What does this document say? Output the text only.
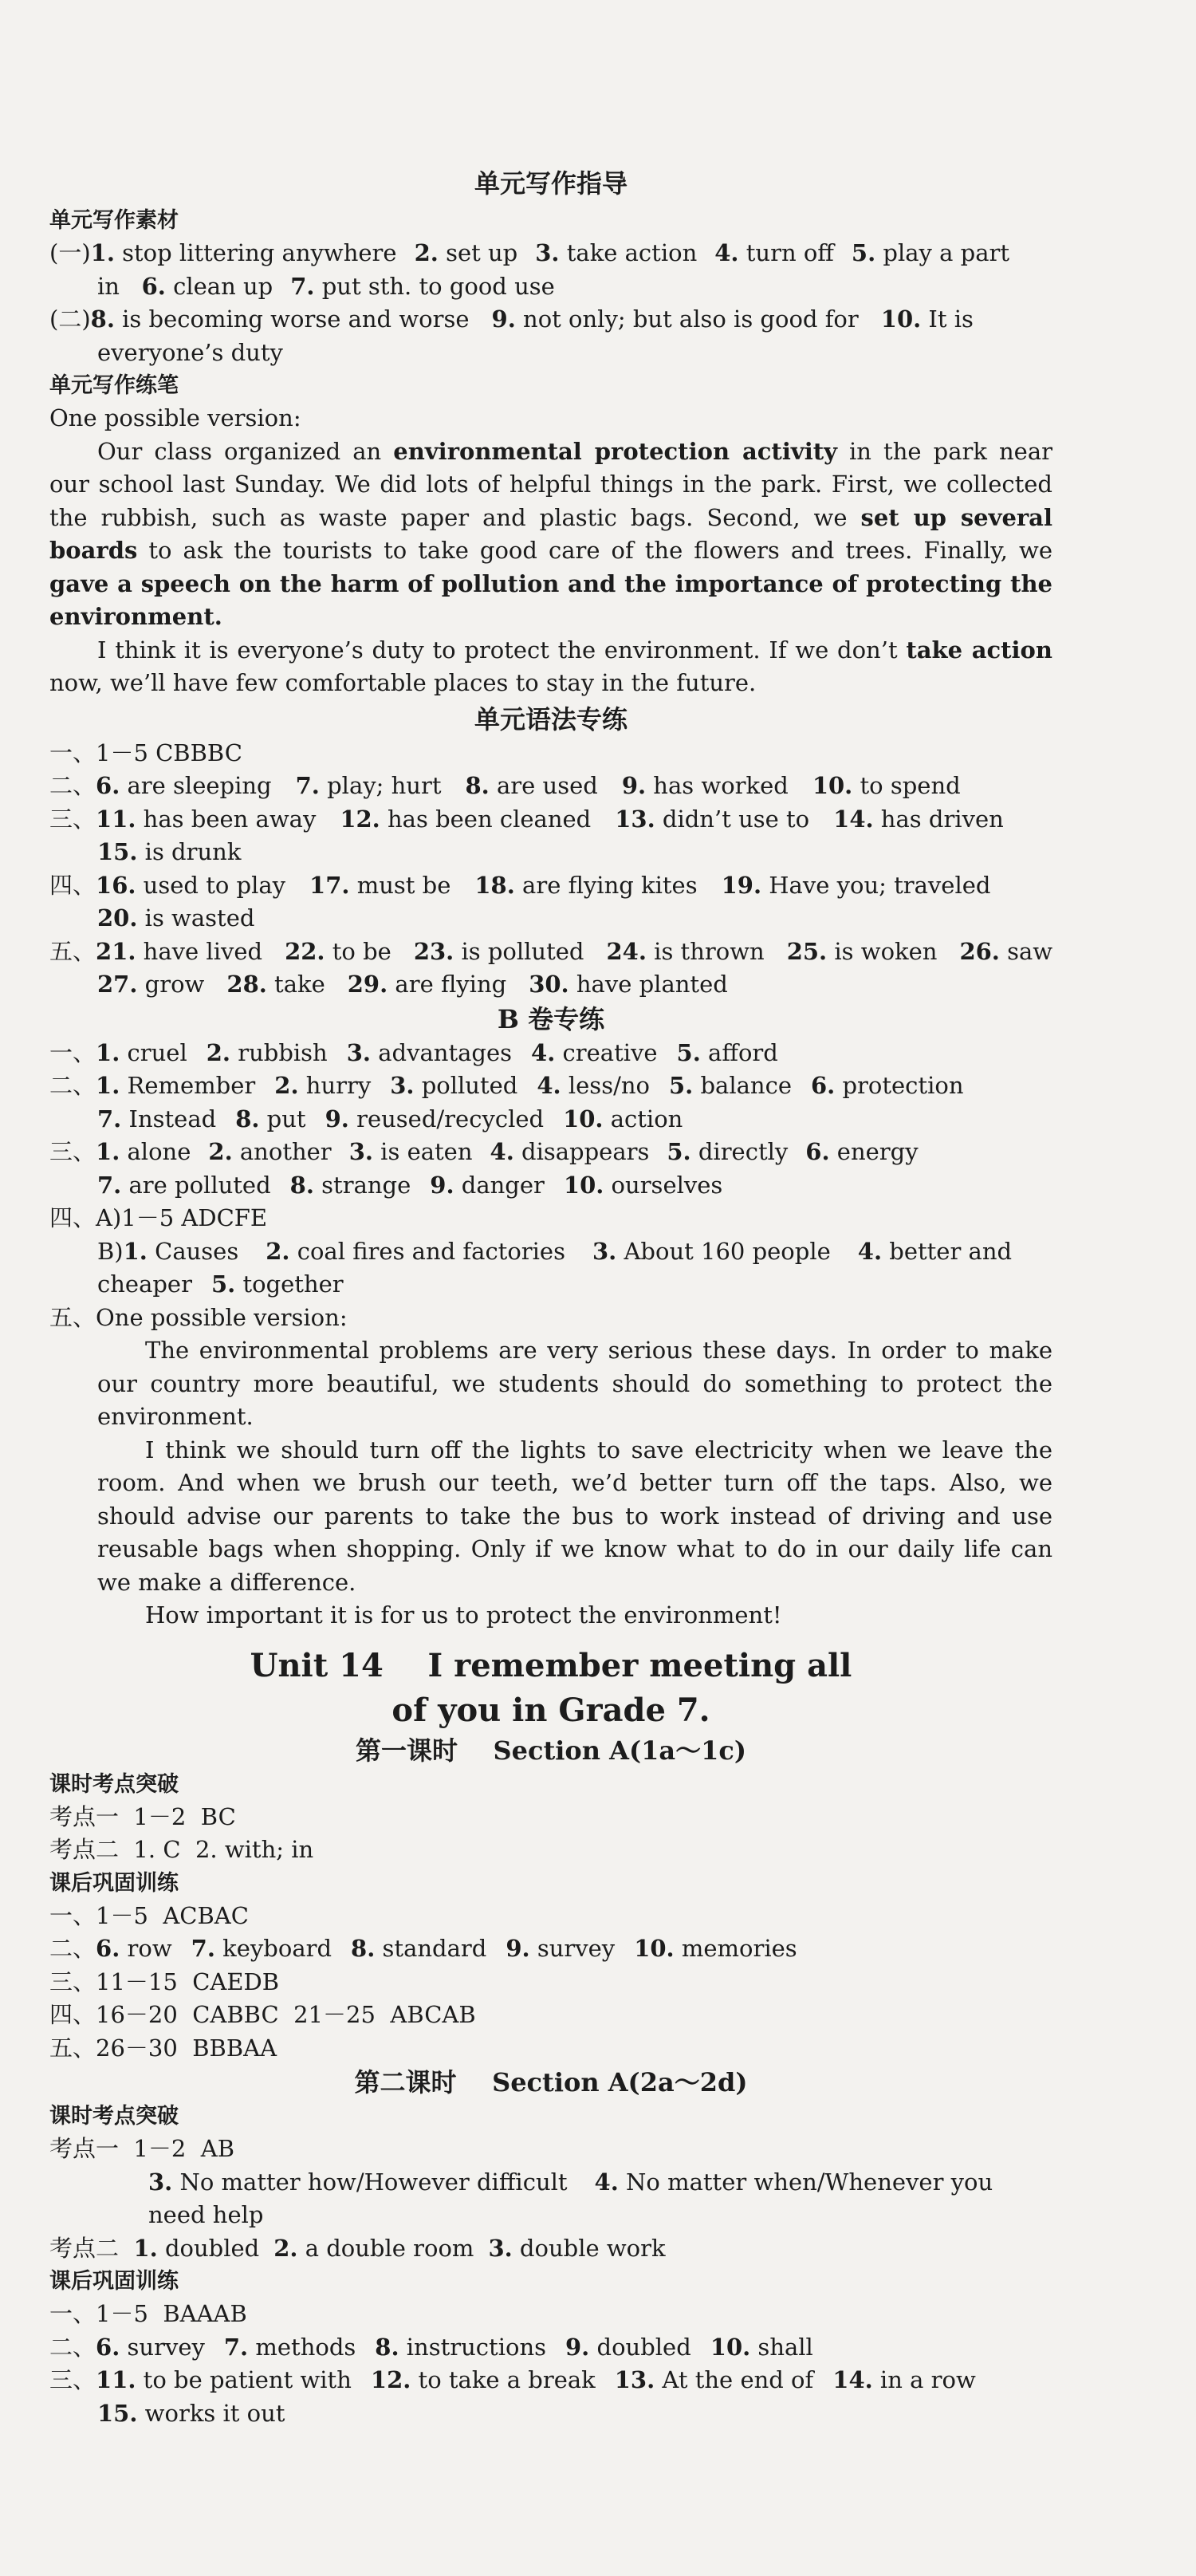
单元写作指导
单元写作素材
(一)1. stop littering anywhere 2. set up 3. take action 4. turn off 5. play a part
in 6. clean up 7. put sth. to good use
(二)8. is becoming worse and worse 9. not only; but also is good for 10. It is
everyone’s duty
单元写作练笔
One possible version:
Our class organized an environmental protection activity in the park near our school last Sunday. We did lots of helpful things in the park. First, we collected the rubbish, such as waste paper and plastic bags. Second, we set up several boards to ask the tourists to take good care of the flowers and trees. Finally, we gave a speech on the harm of pollution and the importance of protecting the environment.
I think it is everyone’s duty to protect the environment. If we don’t take action now, we’ll have few comfortable places to stay in the future.
单元语法专练
一、1－5 CBBBC
二、6. are sleeping 7. play; hurt 8. are used 9. has worked 10. to spend
三、11. has been away 12. has been cleaned 13. didn’t use to 14. has driven
15. is drunk
四、16. used to play 17. must be 18. are flying kites 19. Have you; traveled
20. is wasted
五、21. have lived 22. to be 23. is polluted 24. is thrown 25. is woken 26. saw
27. grow 28. take 29. are flying 30. have planted
B 卷专练
一、1. cruel 2. rubbish 3. advantages 4. creative 5. afford
二、1. Remember 2. hurry 3. polluted 4. less/no 5. balance 6. protection
7. Instead 8. put 9. reused/recycled 10. action
三、1. alone 2. another 3. is eaten 4. disappears 5. directly 6. energy
7. are polluted 8. strange 9. danger 10. ourselves
四、A)1－5 ADCFE
B)1. Causes 2. coal fires and factories 3. About 160 people 4. better and
cheaper 5. together
五、One possible version:
The environmental problems are very serious these days. In order to make our country more beautiful, we students should do something to protect the environment.
I think we should turn off the lights to save electricity when we leave the room. And when we brush our teeth, we’d better turn off the taps. Also, we should advise our parents to take the bus to work instead of driving and use reusable bags when shopping. Only if we know what to do in our daily life can we make a difference.
How important it is for us to protect the environment!
Unit 14    I remember meeting all
of you in Grade 7.
第一课时    Section A(1a～1c)
课时考点突破
考点一  1－2  BC
考点二  1. C  2. with; in
课后巩固训练
一、1－5  ACBAC
二、6. row 7. keyboard 8. standard 9. survey 10. memories
三、11－15  CAEDB
四、16－20  CABBC  21－25  ABCAB
五、26－30  BBBAA
第二课时    Section A(2a～2d)
课时考点突破
考点一  1－2  AB
3. No matter how/However difficult 4. No matter when/Whenever you
need help
考点二 1. doubled 2. a double room 3. double work
课后巩固训练
一、1－5  BAAAB
二、6. survey 7. methods 8. instructions 9. doubled 10. shall
三、11. to be patient with 12. to take a break 13. At the end of 14. in a row
15. works it out
